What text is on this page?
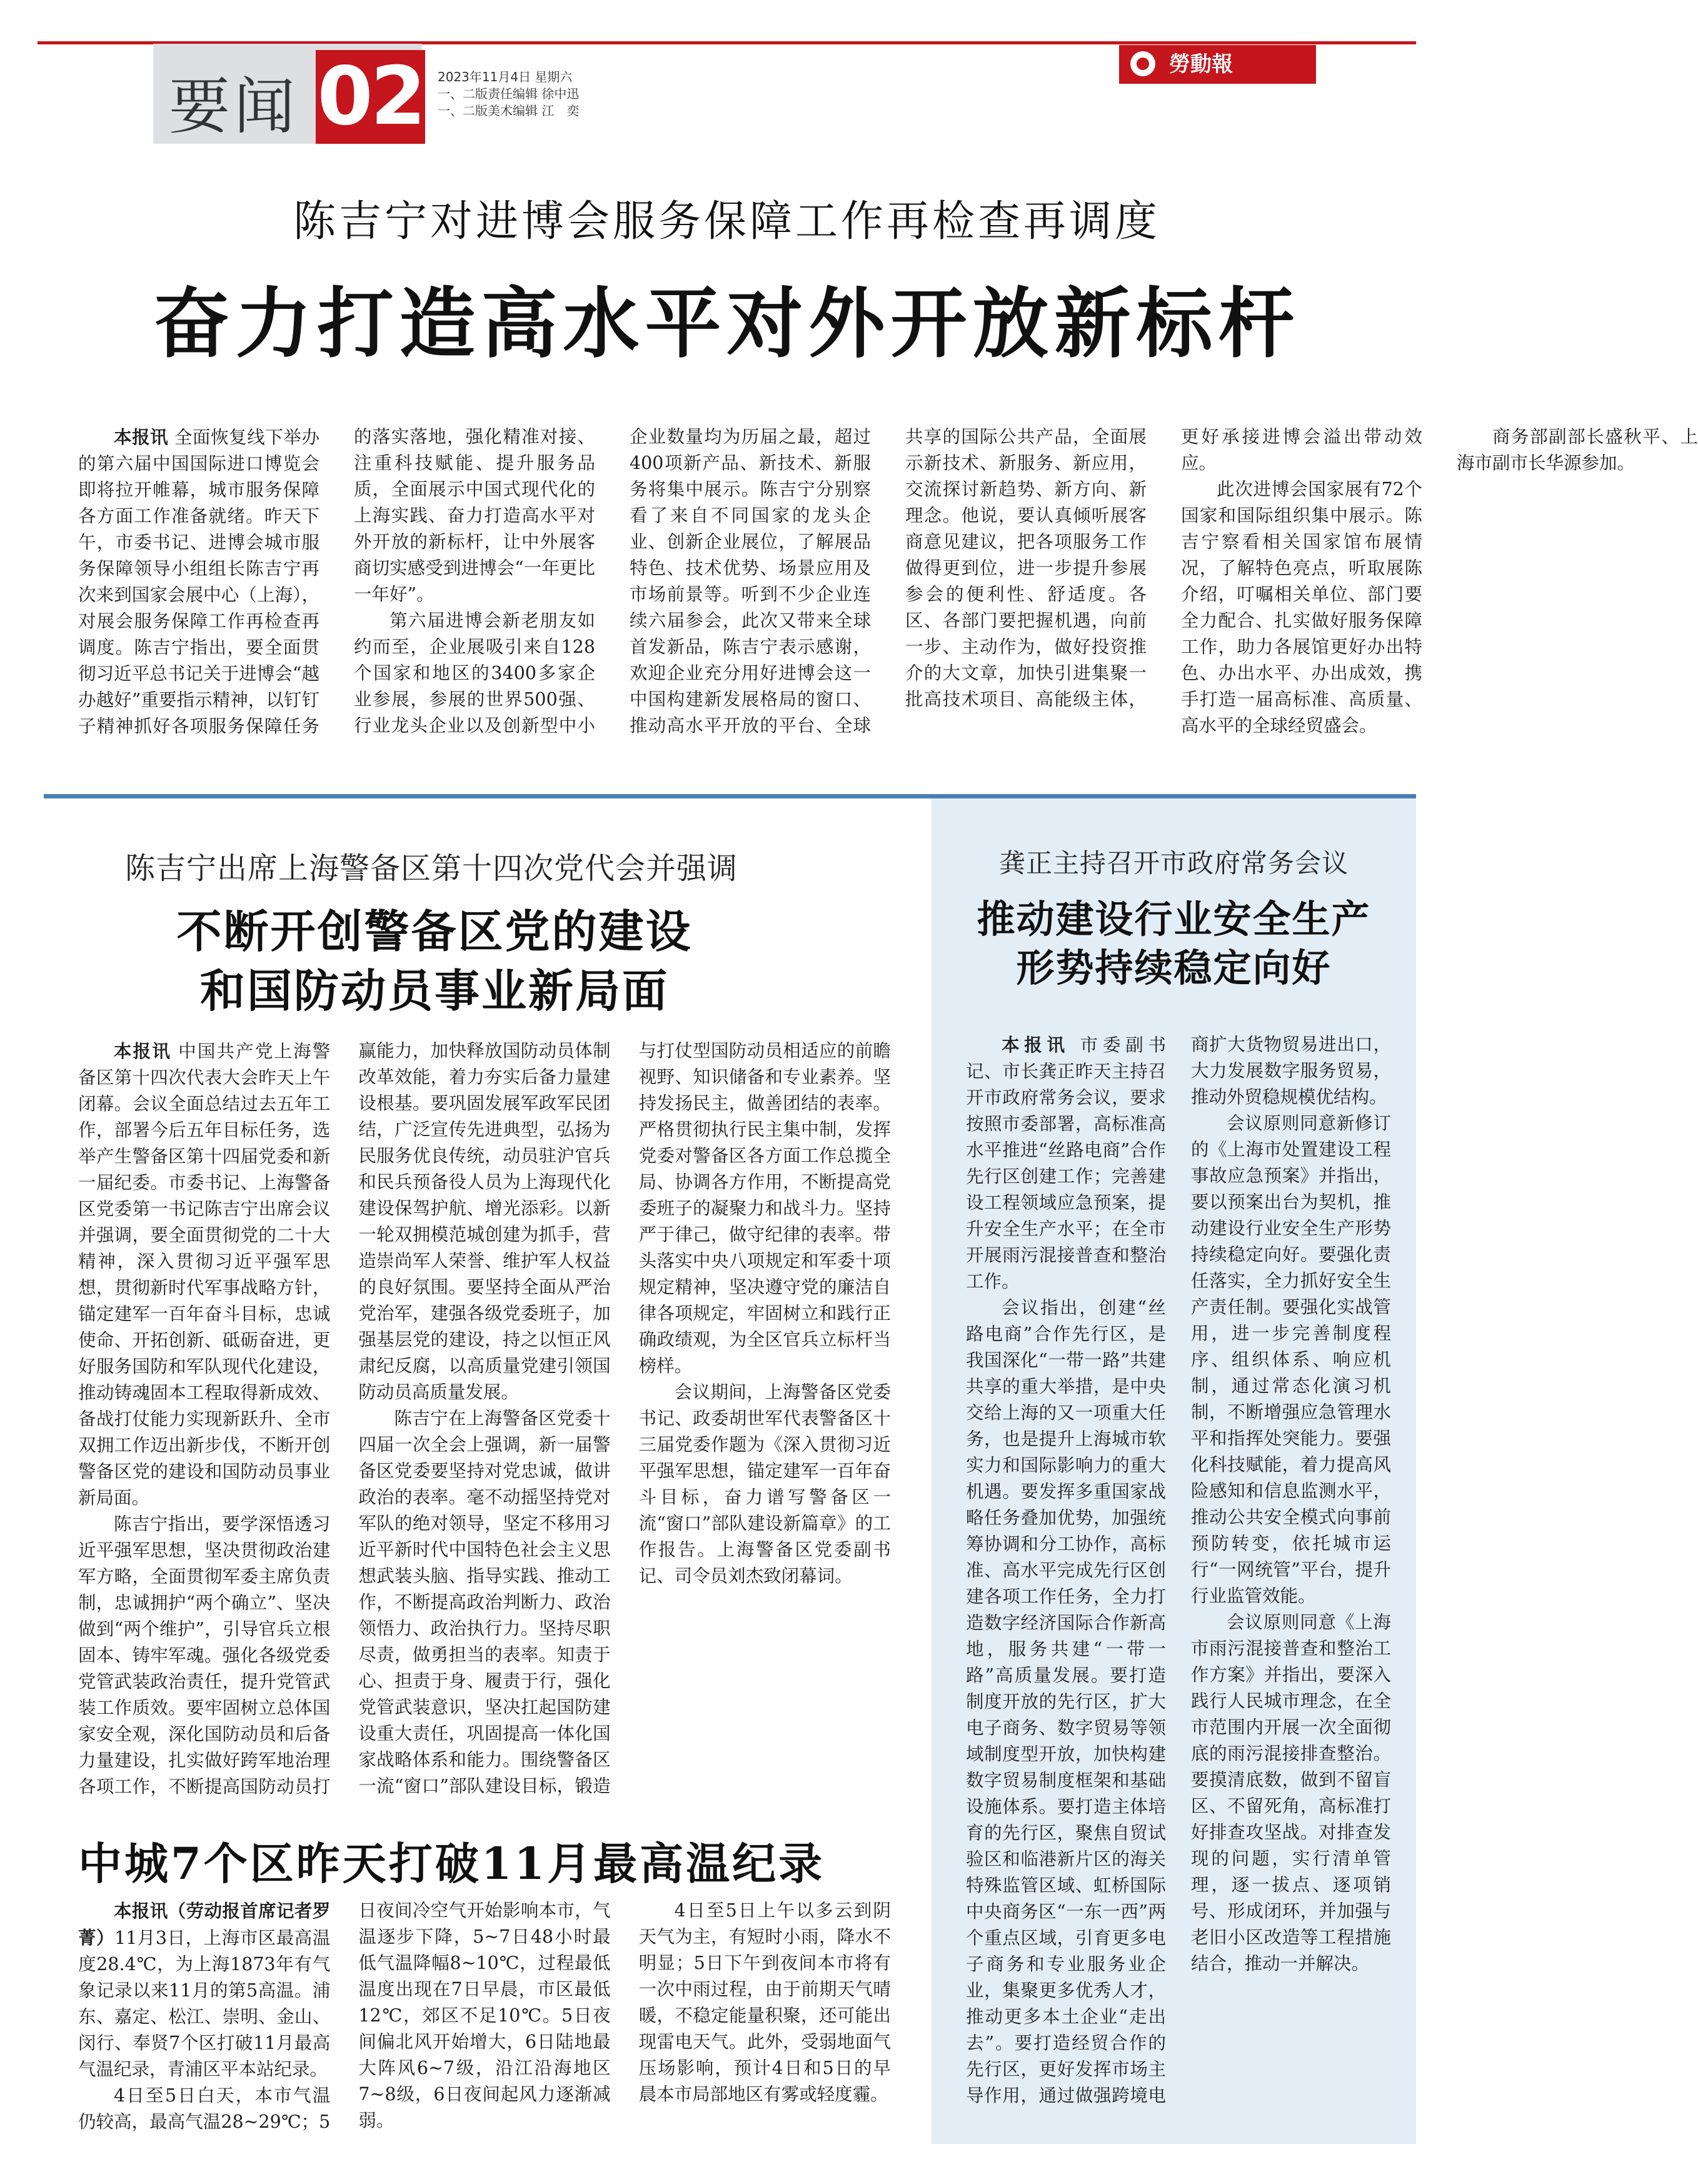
要闻 02 2023年11月4日 星期六
一、二版责任编辑 徐中迅
一、二版美术编辑 江　奕
勞動報
陈吉宁对进博会服务保障工作再检查再调度
奋力打造高水平对外开放新标杆

本报讯 全面恢复线下举办的第六届中国国际进口博览会即将拉开帷幕，城市服务保障各方面工作准备就绪。昨天下午，市委书记、进博会城市服务保障领导小组组长陈吉宁再次来到国家会展中心（上海），对展会服务保障工作再检查再调度。陈吉宁指出，要全面贯彻习近平总书记关于进博会“越办越好”重要指示精神，以钉钉子精神抓好各项服务保障任务的落实落地，强化精准对接、注重科技赋能、提升服务品质，全面展示中国式现代化的上海实践、奋力打造高水平对外开放的新标杆，让中外展客商切实感受到进博会“一年更比一年好”。

第六届进博会新老朋友如约而至，企业展吸引来自128个国家和地区的3400多家企业参展，参展的世界500强、行业龙头企业以及创新型中小企业数量均为历届之最，超过400项新产品、新技术、新服务将集中展示。陈吉宁分别察看了来自不同国家的龙头企业、创新企业展位，了解展品特色、技术优势、场景应用及市场前景等。听到不少企业连续六届参会，此次又带来全球首发新品，陈吉宁表示感谢，欢迎企业充分用好进博会这一中国构建新发展格局的窗口、推动高水平开放的平台、全球共享的国际公共产品，全面展示新技术、新服务、新应用，交流探讨新趋势、新方向、新理念。他说，要认真倾听展客商意见建议，把各项服务工作做得更到位，进一步提升参展参会的便利性、舒适度。各区、各部门要把握机遇，向前一步、主动作为，做好投资推介的大文章，加快引进集聚一批高技术项目、高能级主体，更好承接进博会溢出带动效应。

此次进博会国家展有72个国家和国际组织集中展示。陈吉宁察看相关国家馆布展情况，了解特色亮点，听取展陈介绍，叮嘱相关单位、部门要全力配合、扎实做好服务保障工作，助力各展馆更好办出特色、办出水平、办出成效，携手打造一届高标准、高质量、高水平的全球经贸盛会。

商务部副部长盛秋平、上海市副市长华源参加。

陈吉宁出席上海警备区第十四次党代会并强调
不断开创警备区党的建设
和国防动员事业新局面

本报讯 中国共产党上海警备区第十四次代表大会昨天上午闭幕。会议全面总结过去五年工作，部署今后五年目标任务，选举产生警备区第十四届党委和新一届纪委。市委书记、上海警备区党委第一书记陈吉宁出席会议并强调，要全面贯彻党的二十大精神，深入贯彻习近平强军思想，贯彻新时代军事战略方针，锚定建军一百年奋斗目标，忠诚使命、开拓创新、砥砺奋进，更好服务国防和军队现代化建设，推动铸魂固本工程取得新成效、备战打仗能力实现新跃升、全市双拥工作迈出新步伐，不断开创警备区党的建设和国防动员事业新局面。

陈吉宁指出，要学深悟透习近平强军思想，坚决贯彻政治建军方略，全面贯彻军委主席负责制，忠诚拥护“两个确立”、坚决做到“两个维护”，引导官兵立根固本、铸牢军魂。强化各级党委党管武装政治责任，提升党管武装工作质效。要牢固树立总体国家安全观，深化国防动员和后备力量建设，扎实做好跨军地治理各项工作，不断提高国防动员打赢能力，加快释放国防动员体制改革效能，着力夯实后备力量建设根基。要巩固发展军政军民团结，广泛宣传先进典型，弘扬为民服务优良传统，动员驻沪官兵和民兵预备役人员为上海现代化建设保驾护航、增光添彩。以新一轮双拥模范城创建为抓手，营造崇尚军人荣誉、维护军人权益的良好氛围。要坚持全面从严治党治军，建强各级党委班子，加强基层党的建设，持之以恒正风肃纪反腐，以高质量党建引领国防动员高质量发展。

陈吉宁在上海警备区党委十四届一次全会上强调，新一届警备区党委要坚持对党忠诚，做讲政治的表率。毫不动摇坚持党对军队的绝对领导，坚定不移用习近平新时代中国特色社会主义思想武装头脑、指导实践、推动工作，不断提高政治判断力、政治领悟力、政治执行力。坚持尽职尽责，做勇担当的表率。知责于心、担责于身、履责于行，强化党管武装意识，坚决扛起国防建设重大责任，巩固提高一体化国家战略体系和能力。围绕警备区一流“窗口”部队建设目标，锻造与打仗型国防动员相适应的前瞻视野、知识储备和专业素养。坚持发扬民主，做善团结的表率。严格贯彻执行民主集中制，发挥党委对警备区各方面工作总揽全局、协调各方作用，不断提高党委班子的凝聚力和战斗力。坚持严于律己，做守纪律的表率。带头落实中央八项规定和军委十项规定精神，坚决遵守党的廉洁自律各项规定，牢固树立和践行正确政绩观，为全区官兵立标杆当榜样。

会议期间，上海警备区党委书记、政委胡世军代表警备区十三届党委作题为《深入贯彻习近平强军思想，锚定建军一百年奋斗目标，奋力谱写警备区一流“窗口”部队建设新篇章》的工作报告。上海警备区党委副书记、司令员刘杰致闭幕词。

中城7个区昨天打破11月最高温纪录

本报讯（劳动报首席记者罗菁）11月3日，上海市区最高温度28.4℃，为上海1873年有气象记录以来11月的第5高温。浦东、嘉定、松江、崇明、金山、闵行、奉贤7个区打破11月最高气温纪录，青浦区平本站纪录。

4日至5日白天，本市气温仍较高，最高气温28~29℃；5日夜间冷空气开始影响本市，气温逐步下降，5~7日48小时最低气温降幅8~10℃，过程最低温度出现在7日早晨，市区最低12℃，郊区不足10℃。5日夜间偏北风开始增大，6日陆地最大阵风6~7级，沿江沿海地区7~8级，6日夜间起风力逐渐减弱。

4日至5日上午以多云到阴天气为主，有短时小雨，降水不明显；5日下午到夜间本市将有一次中雨过程，由于前期天气晴暖，不稳定能量积聚，还可能出现雷电天气。此外，受弱地面气压场影响，预计4日和5日的早晨本市局部地区有雾或轻度霾。

龚正主持召开市政府常务会议
推动建设行业安全生产
形势持续稳定向好

本报讯 市委副书记、市长龚正昨天主持召开市政府常务会议，要求按照市委部署，高标准高水平推进“丝路电商”合作先行区创建工作；完善建设工程领域应急预案，提升安全生产水平；在全市开展雨污混接普查和整治工作。

会议指出，创建“丝路电商”合作先行区，是我国深化“一带一路”共建共享的重大举措，是中央交给上海的又一项重大任务，也是提升上海城市软实力和国际影响力的重大机遇。要发挥多重国家战略任务叠加优势，加强统筹协调和分工协作，高标准、高水平完成先行区创建各项工作任务，全力打造数字经济国际合作新高地，服务共建“一带一路”高质量发展。要打造制度开放的先行区，扩大电子商务、数字贸易等领域制度型开放，加快构建数字贸易制度框架和基础设施体系。要打造主体培育的先行区，聚焦自贸试验区和临港新片区的海关特殊监管区域、虹桥国际中央商务区“一东一西”两个重点区域，引育更多电子商务和专业服务业企业，集聚更多优秀人才，推动更多本土企业“走出去”。要打造经贸合作的先行区，更好发挥市场主导作用，通过做强跨境电商扩大货物贸易进出口，大力发展数字服务贸易，推动外贸稳规模优结构。

会议原则同意新修订的《上海市处置建设工程事故应急预案》并指出，要以预案出台为契机，推动建设行业安全生产形势持续稳定向好。要强化责任落实，全力抓好安全生产责任制。要强化实战管用，进一步完善制度程序、组织体系、响应机制，通过常态化演习机制，不断增强应急管理水平和指挥处突能力。要强化科技赋能，着力提高风险感知和信息监测水平，推动公共安全模式向事前预防转变，依托城市运行“一网统管”平台，提升行业监管效能。

会议原则同意《上海市雨污混接普查和整治工作方案》并指出，要深入践行人民城市理念，在全市范围内开展一次全面彻底的雨污混接排查整治。要摸清底数，做到不留盲区、不留死角，高标准打好排查攻坚战。对排查发现的问题，实行清单管理，逐一拔点、逐项销号、形成闭环，并加强与老旧小区改造等工程措施结合，推动一并解决。
